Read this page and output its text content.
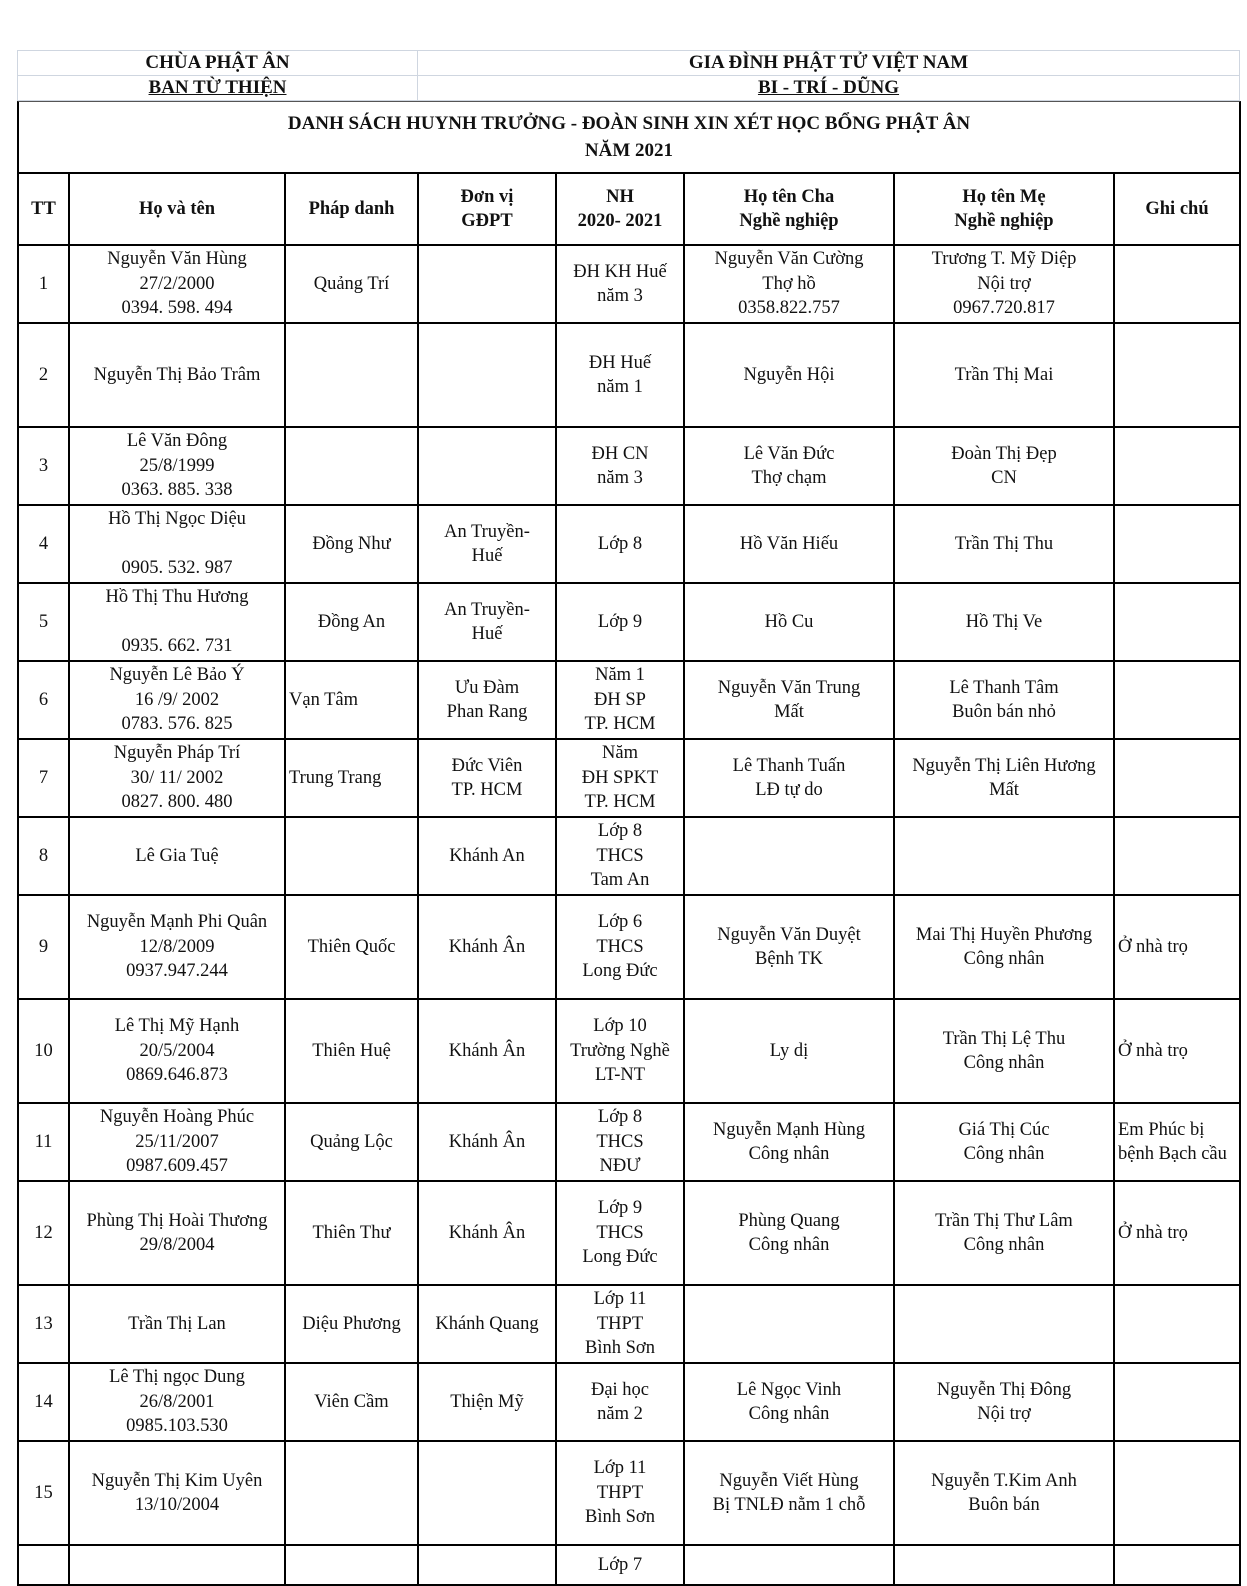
CHÙA PHẬT ÂN	GIA ĐÌNH PHẬT TỬ VIỆT NAM
BAN TỪ THIỆN	BI - TRÍ - DŨNG
DANH SÁCH HUYNH TRƯỞNG - ĐOÀN SINH XIN XÉT HỌC BỔNG PHẬT ÂN
NĂM 2021
TT	Họ và tên	Pháp danh	Đơn vị
GĐPT	NH
2020- 2021	Họ tên Cha
Nghề nghiệp	Họ tên Mẹ
Nghề nghiệp	Ghi chú

1	Nguyễn Văn Hùng
27/2/2000
0394. 598. 494	Quảng Trí		ĐH KH Huế
năm 3	Nguyễn Văn Cường
Thợ hồ
0358.822.757	Trương T. Mỹ Diệp
Nội trợ
0967.720.817	

2	Nguyễn Thị Bảo Trâm			ĐH Huế
năm 1	Nguyễn Hội	Trần Thị Mai	

3	Lê Văn Đông
25/8/1999
0363. 885. 338			ĐH CN
năm 3	Lê Văn Đức
Thợ chạm	Đoàn Thị Đẹp
CN	

4	Hồ Thị Ngọc Diệu
0905. 532. 987	Đồng Như	An Truyền-
Huế	Lớp 8	Hồ Văn Hiếu	Trần Thị Thu	

5	Hồ Thị Thu Hương
0935. 662. 731	Đồng An	An Truyền-
Huế	Lớp 9	Hồ Cu	Hồ Thị Ve	

6	Nguyễn Lê Bảo Ý
16 /9/ 2002
0783. 576. 825	Vạn Tâm	Ưu Đàm
Phan Rang	Năm 1
ĐH SP
TP. HCM	Nguyễn Văn Trung
Mất	Lê Thanh Tâm
Buôn bán nhỏ	

7	Nguyễn Pháp Trí
30/ 11/ 2002
0827. 800. 480	Trung Trang	Đức Viên
TP. HCM	Năm
ĐH SPKT
TP. HCM	Lê Thanh Tuấn
LĐ tự do	Nguyễn Thị Liên Hương
Mất	

8	Lê Gia Tuệ		Khánh An	Lớp 8
THCS
Tam An			

9	Nguyễn Mạnh Phi Quân
12/8/2009
0937.947.244	Thiên Quốc	Khánh Ân	Lớp 6
THCS
Long Đức	Nguyễn Văn Duyệt
Bệnh TK	Mai Thị Huyền Phương
Công nhân	Ở nhà trọ

10	Lê Thị Mỹ Hạnh
20/5/2004
0869.646.873	Thiên Huệ	Khánh Ân	Lớp 10
Trường Nghề
LT-NT	Ly dị	Trần Thị Lệ Thu
Công nhân	Ở nhà trọ

11	Nguyễn Hoàng Phúc
25/11/2007
0987.609.457	Quảng Lộc	Khánh Ân	Lớp 8
THCS
NĐƯ	Nguyễn Mạnh Hùng
Công nhân	Giá Thị Cúc
Công nhân	Em Phúc bị
bệnh Bạch cầu

12	Phùng Thị Hoài Thương
29/8/2004	Thiên Thư	Khánh Ân	Lớp 9
THCS
Long Đức	Phùng Quang
Công nhân	Trần Thị Thư Lâm
Công nhân	Ở nhà trọ

13	Trần Thị Lan	Diệu Phương	Khánh Quang	Lớp 11
THPT
Bình Sơn			

14	Lê Thị ngọc Dung
26/8/2001
0985.103.530	Viên Cầm	Thiện Mỹ	Đại học
năm 2	Lê Ngọc Vinh
Công nhân	Nguyễn Thị Đông
Nội trợ	

15	Nguyễn Thị Kim Uyên
13/10/2004			Lớp 11
THPT
Bình Sơn	Nguyễn Viết Hùng
Bị TNLĐ nằm 1 chỗ	Nguyễn T.Kim Anh
Buôn bán	

				Lớp 7			
